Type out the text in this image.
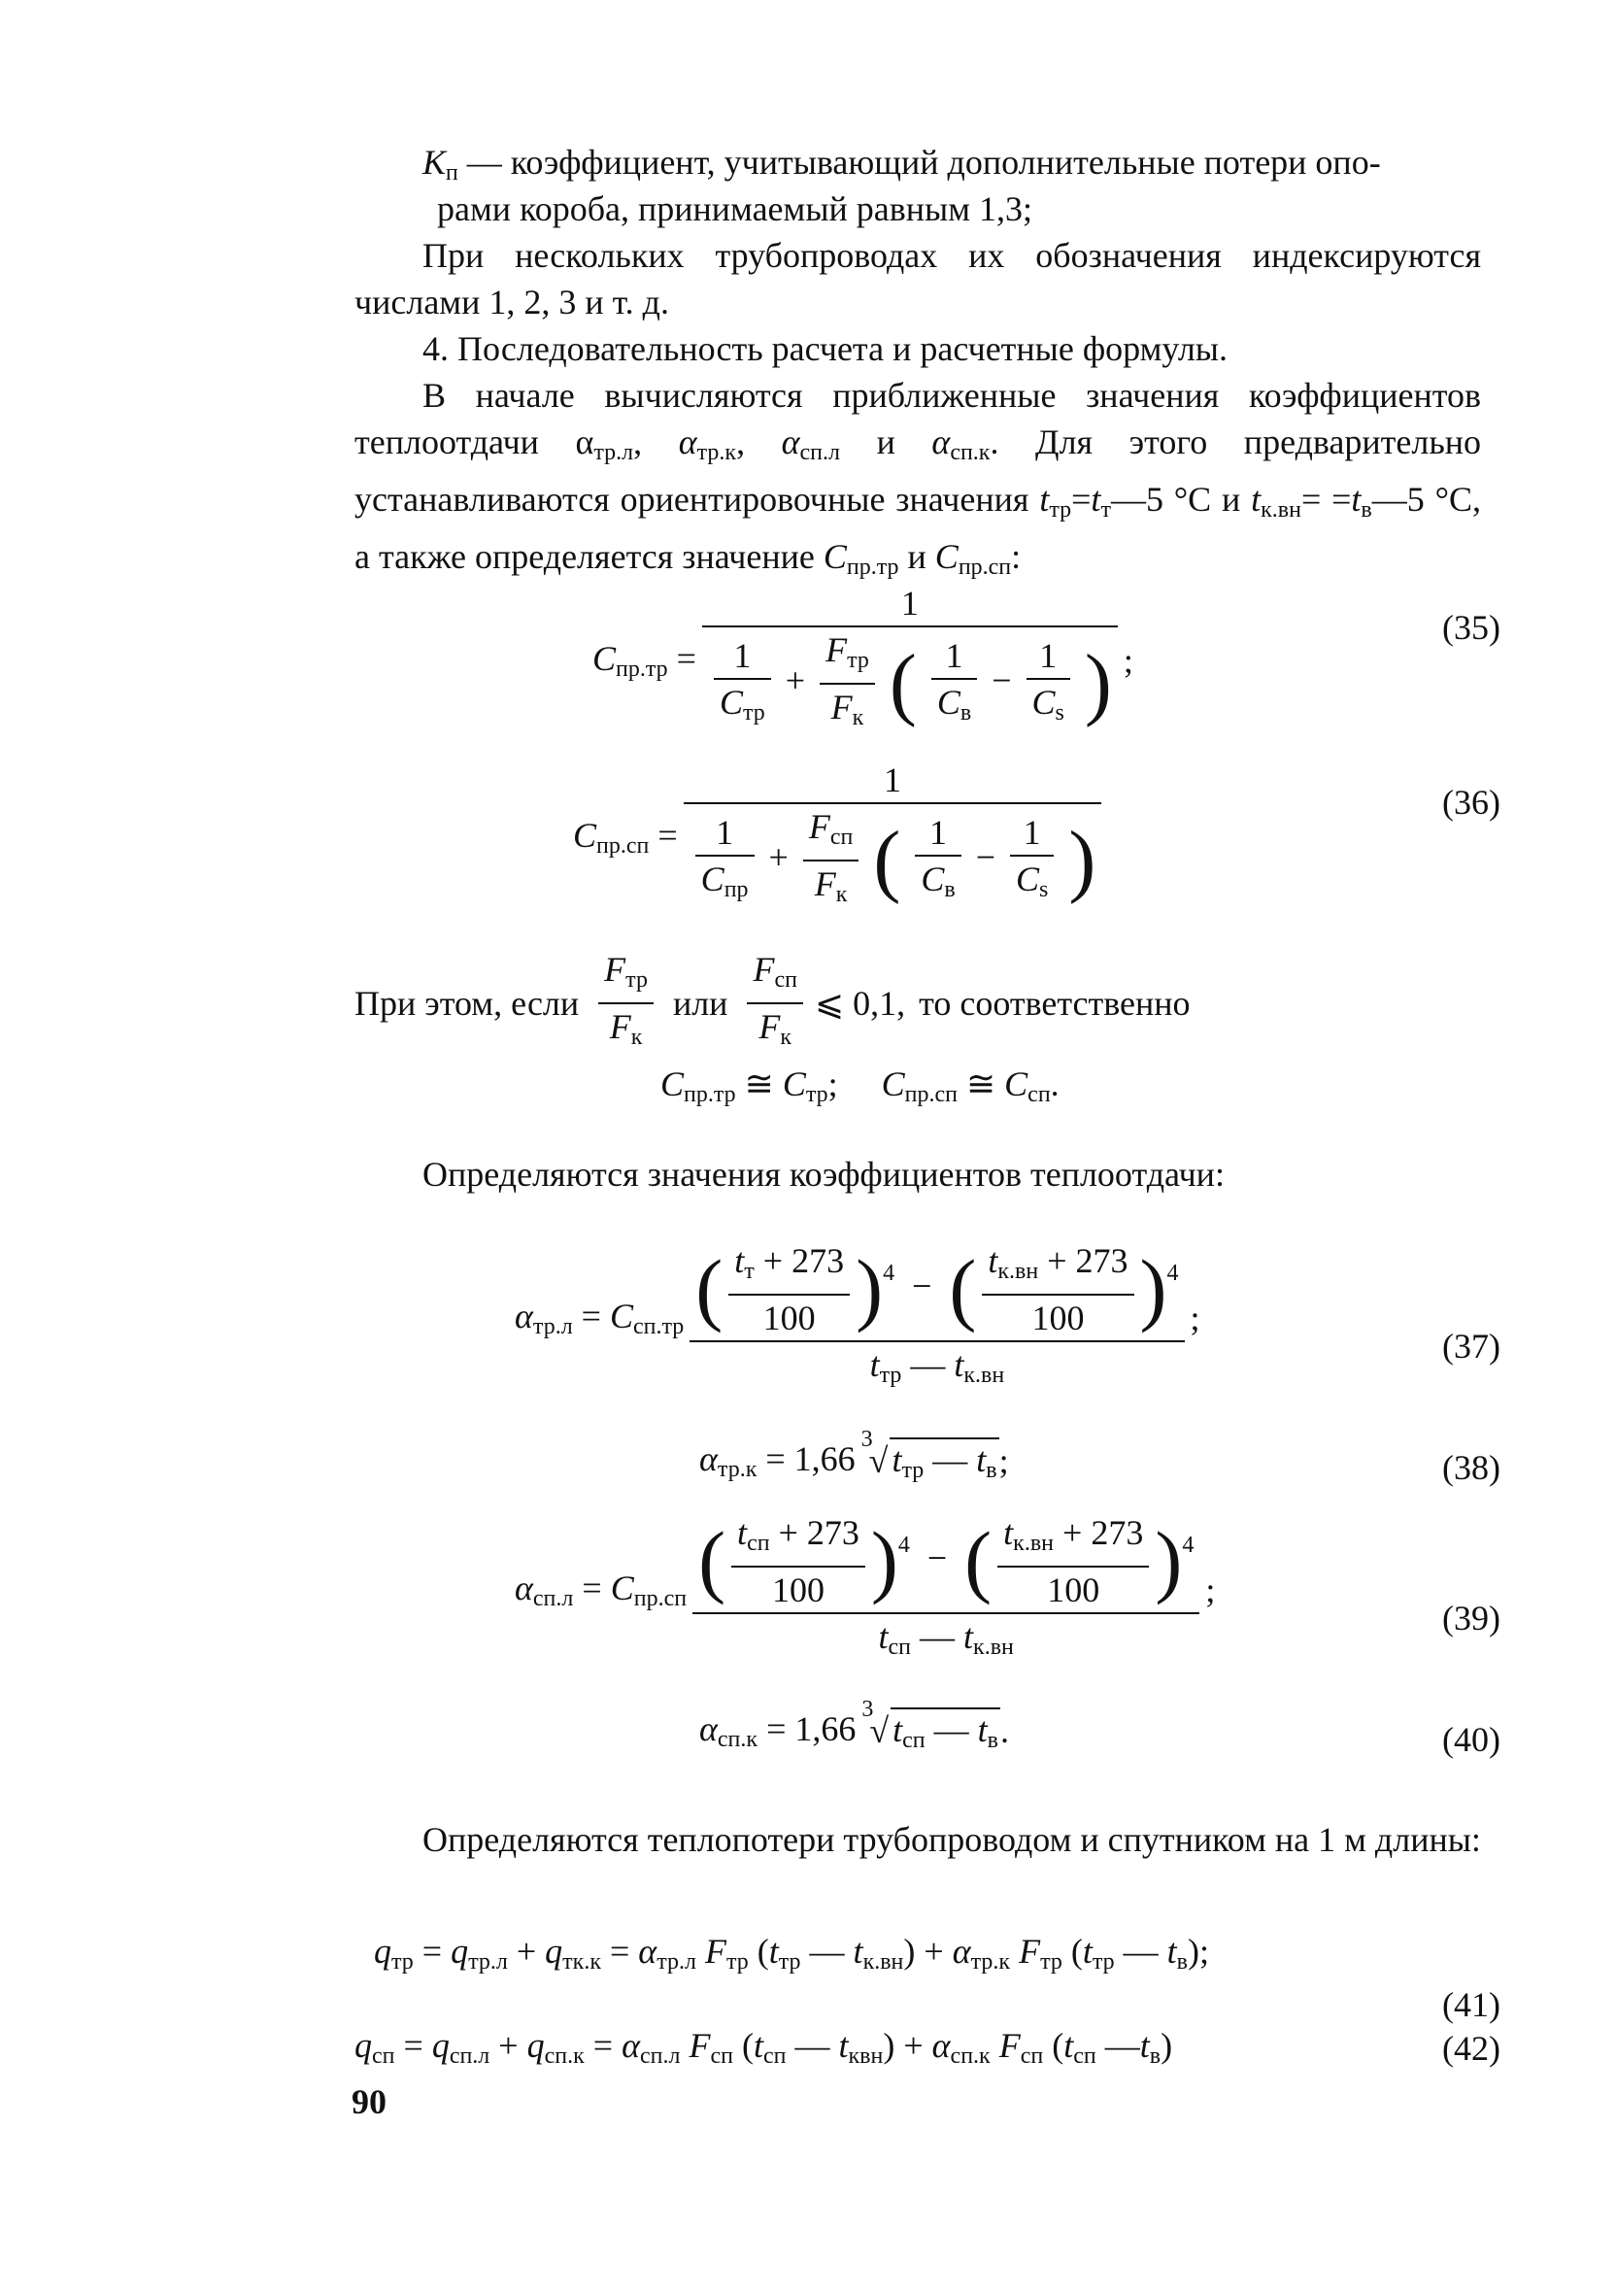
$К_п$ — коэффициент, учитывающий дополнительные потери опо-

рами короба, принимаемый равным 1,3;

При нескольких трубопроводах их обозначения индексируются числами 1, 2, 3 и т. д.

4. Последовательность расчета и расчетные формулы.

В начале вычисляются приближенные значения коэффициентов теплоотдачи $\alpha_{тр.л}$, $\alpha_{тр.к}$, $\alpha_{сп.л}$ и $\alpha_{сп.к}$. Для этого предварительно устанавливаются ориентировочные значения $t_{тр}=t_т—5$ °C и $t_{к.вн}=$ $=t_в—5$ °C, а также определяется значение $C_{пр.тр}$ и $C_{пр.сп}$:

$C_{пр.тр}$ =
1
$\frac{1}{C_{тр}} + \frac{F_{тр}}{F_к}$ ( $\frac{1}{C_в} - \frac{1}{C_s}$ ) ;
(35)
$C_{пр.сп}$ =
1
$\frac{1}{C_{пр}} + \frac{F_{сп}}{F_к}$ ( $\frac{1}{C_в} - \frac{1}{C_s}$ )
(36)
При этом, если $\frac{F_{тр}}{F_к}$ или $\frac{F_{сп}}{F_к}$ ⩽ 0,1, то соответственно
$C_{пр.тр}$ ≅ $C_{тр}$;     $C_{пр.сп}$ ≅ $C_{сп}$.

Определяются значения коэффициентов теплоотдачи:

$\alpha_{тр.л} = C_{сп.тр} \frac{( \frac{t_т + 273}{100} )^4 - ( \frac{t_{к.вн} + 273}{100} )^4}{t_{тр} — t_{к.вн}}$ ;
(37)
$\alpha_{тр.к} = 1,66$
3
√ $t_{тр}$ — $t_в$ ;	(38)
$\alpha_{сп.л} = C_{пр.сп} \frac{( \frac{t_{сп} + 273}{100} )^4 - ( \frac{t_{к.вн} + 273}{100} )^4}{t_{сп} — t_{к.вн}}$ ;
(39)
$\alpha_{сп.к} = 1,66$
3
√ $t_{сп}$ — $t_в$ .	(40)

Определяются теплопотери трубопроводом и спутником на 1 м длины:

$q_{тр} = q_{тр.л} + q_{тк.к} = \alpha_{тр.л}$ $F_{тр}$ ($t_{тр}$ — $t_{к.вн}) + \alpha_{тр.к}$ $F_{тр}$ ($t_{тр}$ — $t_в$);
(41)
$q_{сп} = q_{сп.л} + q_{сп.к} = \alpha_{сп.л}$ $F_{сп}$ ($t_{сп}$ — $t_{квн}) + \alpha_{сп.к}$ $F_{сп}$ ($t_{сп}$ $—t_в$)	(42)
90
